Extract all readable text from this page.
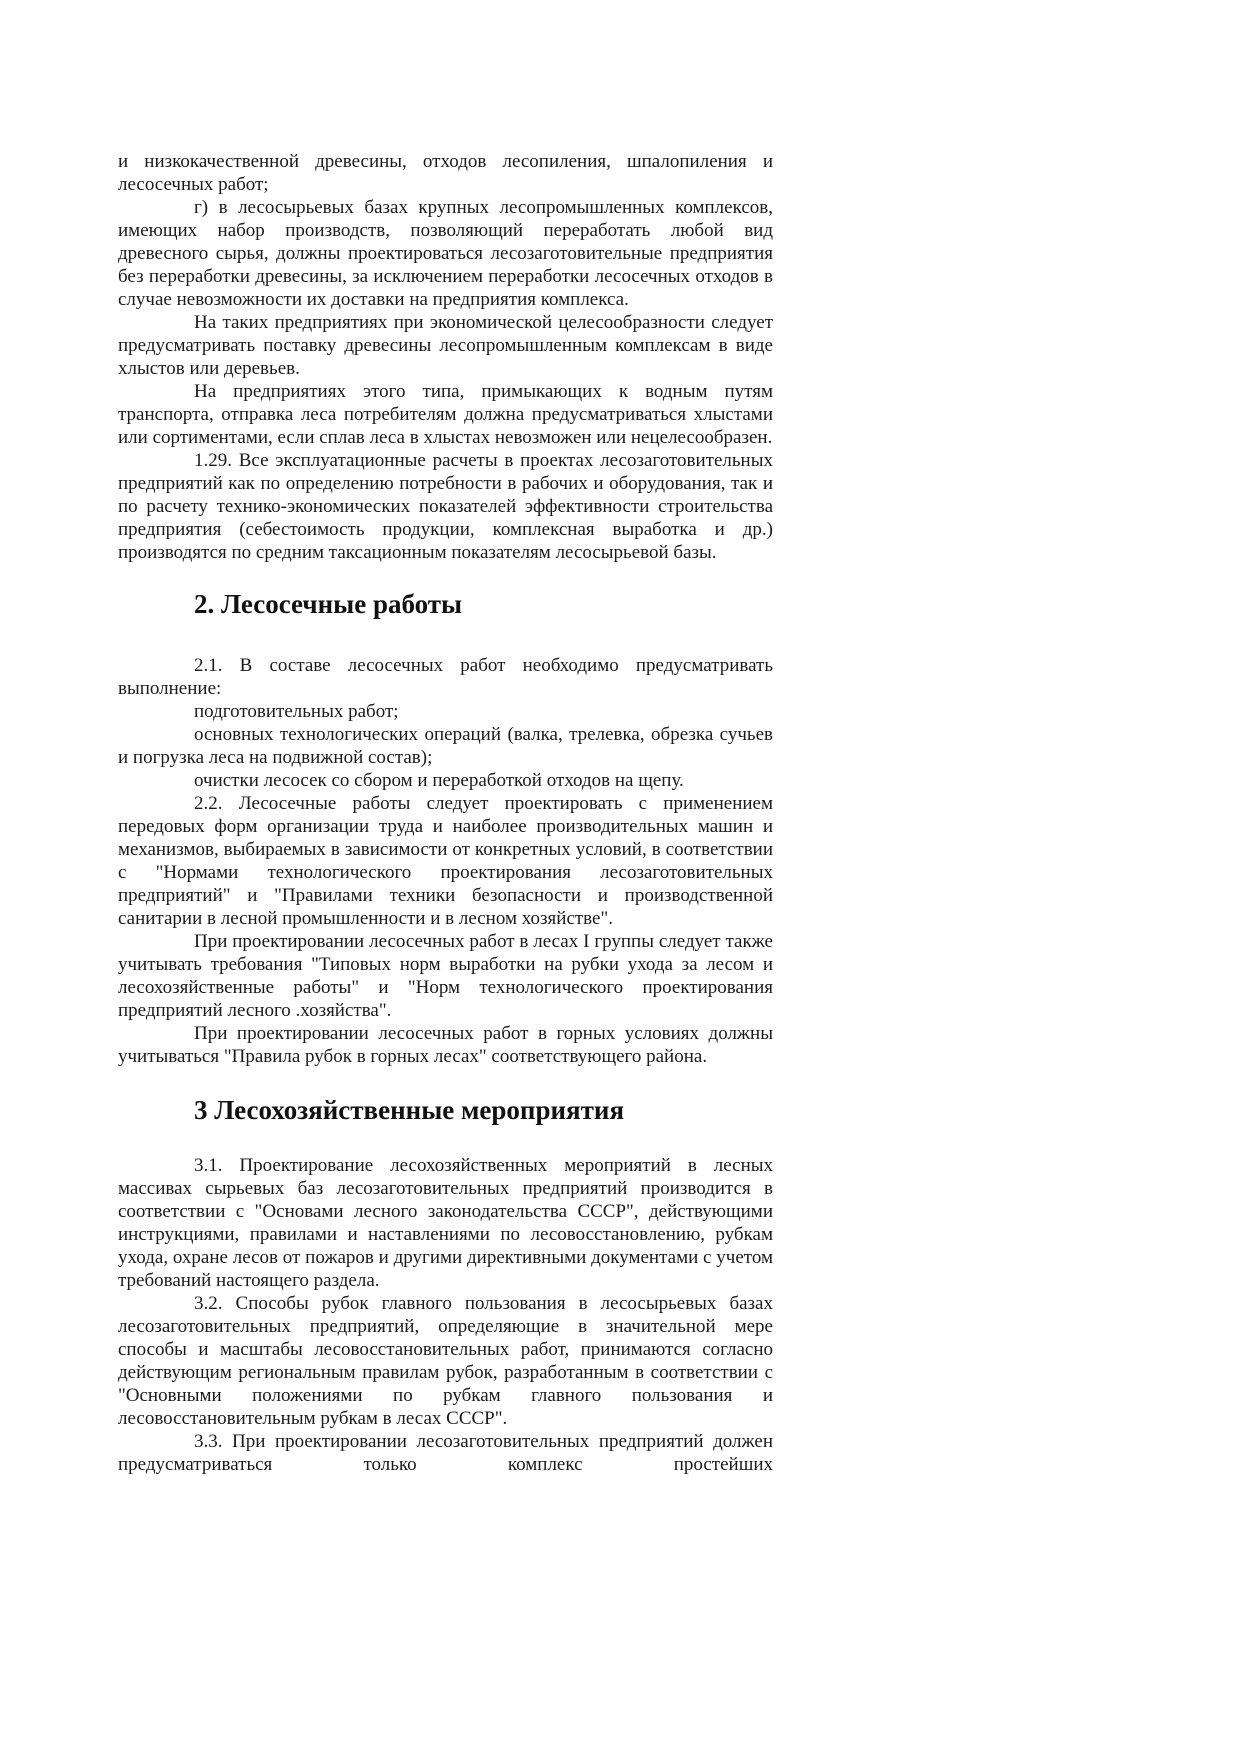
и низкокачественной древесины, отходов лесопиления, шпалопиления и лесосечных работ;

г) в лесосырьевых базах крупных лесопромышленных комплексов, имеющих набор производств, позволяющий переработать любой вид древесного сырья, должны проектироваться лесозаготовительные предприятия без переработки древесины, за исключением переработки лесосечных отходов в случае невозможности их доставки на предприятия комплекса.

На таких предприятиях при экономической целесообразности следует предусматривать поставку древесины лесопромышленным комплексам в виде хлыстов или деревьев.

На предприятиях этого типа, примыкающих к водным путям транспорта, отправка леса потребителям должна предусматриваться хлыстами или сортиментами, если сплав леса в хлыстах невозможен или нецелесообразен.

1.29. Все эксплуатационные расчеты в проектах лесозаготовительных предприятий как по определению потребности в рабочих и оборудования, так и по расчету технико-экономических показателей эффективности строительства предприятия (себестоимость продукции, комплексная выработка и др.) производятся по средним таксационным показателям лесосырьевой базы.

2. Лесосечные работы

2.1. В составе лесосечных работ необходимо предусматривать выполнение:

подготовительных работ;

основных технологических операций (валка, трелевка, обрезка сучьев и погрузка леса на подвижной состав);

очистки лесосек со сбором и переработкой отходов на щепу.

2.2. Лесосечные работы следует проектировать с применением передовых форм организации труда и наиболее производительных машин и механизмов, выбираемых в зависимости от конкретных условий, в соответствии с "Нормами технологического проектирования лесозаготовительных предприятий" и "Правилами техники безопасности и производственной санитарии в лесной промышленности и в лесном хозяйстве".

При проектировании лесосечных работ в лесах I группы следует также учитывать требования "Типовых норм выработки на рубки ухода за лесом и лесохозяйственные работы" и "Норм технологического проектирования предприятий лесного .хозяйства".

При проектировании лесосечных работ в горных условиях должны учитываться "Правила рубок в горных лесах" соответствующего района.

3 Лесохозяйственные мероприятия

3.1. Проектирование лесохозяйственных мероприятий в лесных массивах сырьевых баз лесозаготовительных предприятий производится в соответствии с "Основами лесного законодательства СССР", действующими инструкциями, правилами и наставлениями по лесовосстановлению, рубкам ухода, охране лесов от пожаров и другими директивными документами с учетом требований настоящего раздела.

3.2. Способы рубок главного пользования в лесосырьевых базах лесозаготовительных предприятий, определяющие в значительной мере способы и масштабы лесовосстановительных работ, принимаются согласно действующим региональным правилам рубок, разработанным в соответствии с "Основными положениями по рубкам главного пользования и лесовосстановительным рубкам в лесах СССР".

3.3. При проектировании лесозаготовительных предприятий должен предусматриваться только комплекс простейших
